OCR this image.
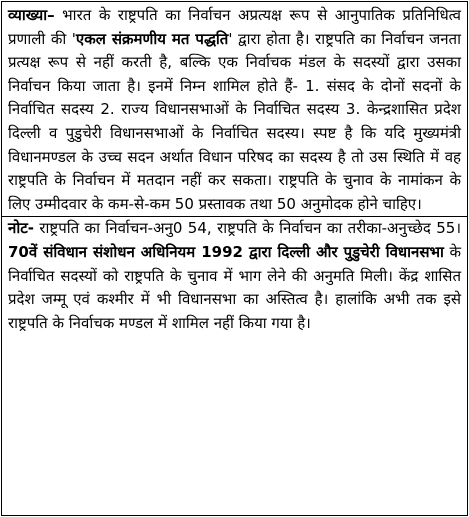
व्याख्या– भारत के राष्ट्रपति का निर्वाचन अप्रत्यक्ष रूप से आनुपातिक प्रतिनिधित्व प्रणाली की 'एकल संक्रमणीय मत पद्धति' द्वारा होता है। राष्ट्रपति का निर्वाचन जनता प्रत्यक्ष रूप से नहीं करती है, बल्कि एक निर्वाचक मंडल के सदस्यों द्वारा उसका निर्वाचन किया जाता है। इनमें निम्न शामिल होते हैं- 1. संसद के दोनों सदनों के निर्वाचित सदस्य 2. राज्य विधानसभाओं के निर्वाचित सदस्य 3. केन्द्रशासित प्रदेश दिल्ली व पुडुचेरी विधानसभाओं के निर्वाचित सदस्य। स्पष्ट है कि यदि मुख्यमंत्री विधानमण्डल के उच्च सदन अर्थात विधान परिषद का सदस्य है तो उस स्थिति में वह राष्ट्रपति के निर्वाचन में मतदान नहीं कर सकता। राष्ट्रपति के चुनाव के नामांकन के लिए उम्मीदवार के कम-से-कम 50 प्रस्तावक तथा 50 अनुमोदक होने चाहिए।

नोट- राष्ट्रपति का निर्वाचन-अनु0 54, राष्ट्रपति के निर्वाचन का तरीका-अनुच्छेद 55। 70वें संविधान संशोधन अधिनियम 1992 द्वारा दिल्ली और पुडुचेरी विधानसभा के निर्वाचित सदस्यों को राष्ट्रपति के चुनाव में भाग लेने की अनुमति मिली। केंद्र शासित प्रदेश जम्मू एवं कश्मीर में भी विधानसभा का अस्तित्व है। हालांकि अभी तक इसे राष्ट्रपति के निर्वाचक मण्डल में शामिल नहीं किया गया है।
